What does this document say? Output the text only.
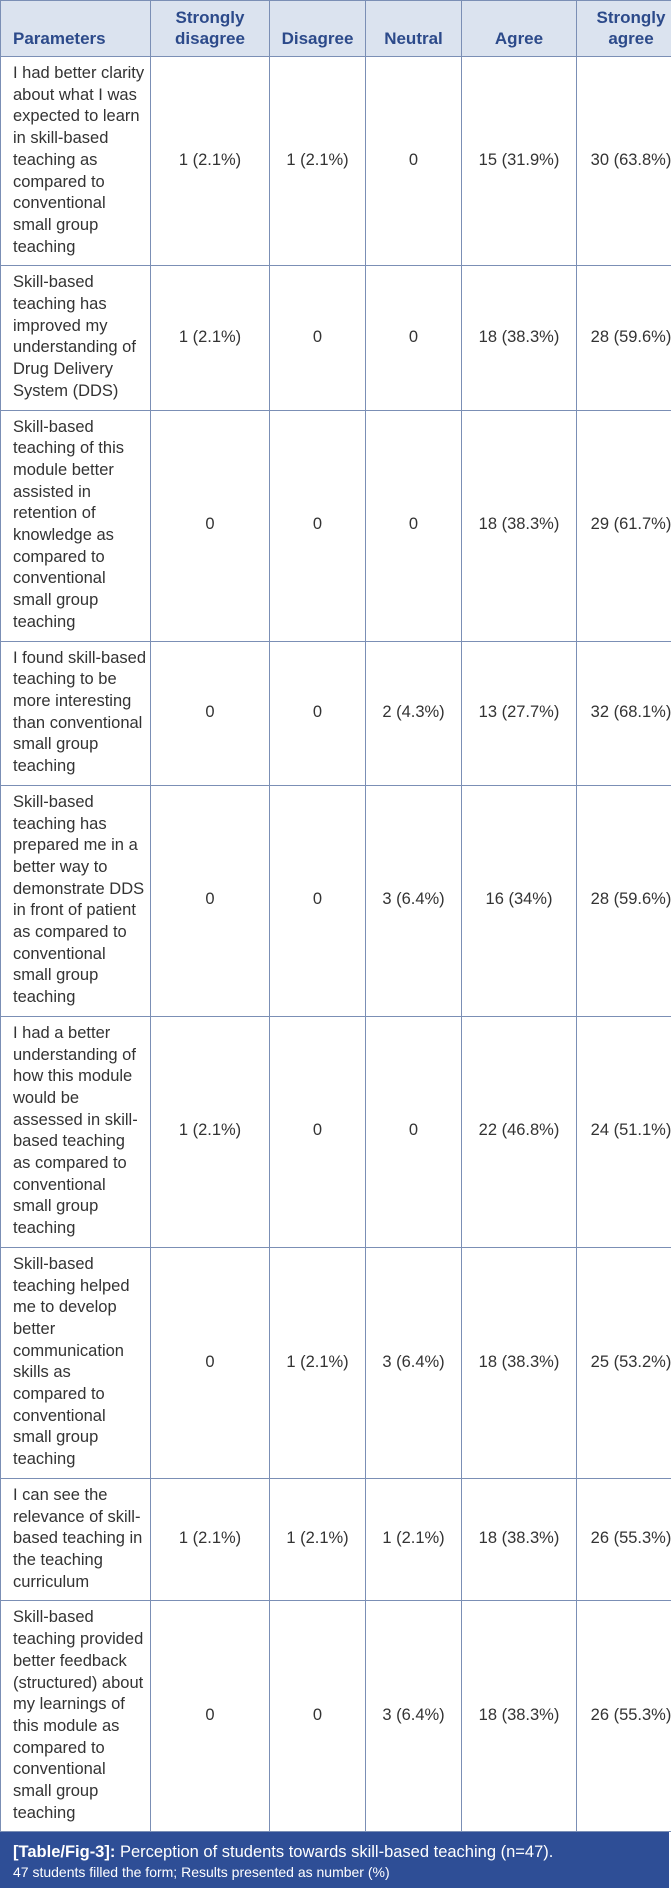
Parameters	Strongly disagree	Disagree	Neutral	Agree	Strongly agree
I had better clarity about what I was expected to learn in skill-based teaching as compared to conventional small group teaching	1 (2.1%)	1 (2.1%)	0	15 (31.9%)	30 (63.8%)
Skill-based teaching has improved my understanding of Drug Delivery System (DDS)	1 (2.1%)	0	0	18 (38.3%)	28 (59.6%)
Skill-based teaching of this module better assisted in retention of knowledge as compared to conventional small group teaching	0	0	0	18 (38.3%)	29 (61.7%)
I found skill-based teaching to be more interesting than conventional small group teaching	0	0	2 (4.3%)	13 (27.7%)	32 (68.1%)
Skill-based teaching has prepared me in a better way to demonstrate DDS in front of patient as compared to conventional small group teaching	0	0	3 (6.4%)	16 (34%)	28 (59.6%)
I had a better understanding of how this module would be assessed in skill-based teaching as compared to conventional small group teaching	1 (2.1%)	0	0	22 (46.8%)	24 (51.1%)
Skill-based teaching helped me to develop better communication skills as compared to conventional small group teaching	0	1 (2.1%)	3 (6.4%)	18 (38.3%)	25 (53.2%)
I can see the relevance of skill-based teaching in the teaching curriculum	1 (2.1%)	1 (2.1%)	1 (2.1%)	18 (38.3%)	26 (55.3%)
Skill-based teaching provided better feedback (structured) about my learnings of this module as compared to conventional small group teaching	0	0	3 (6.4%)	18 (38.3%)	26 (55.3%)
[Table/Fig-3]: Perception of students towards skill-based teaching (n=47).
47 students filled the form; Results presented as number (%)
